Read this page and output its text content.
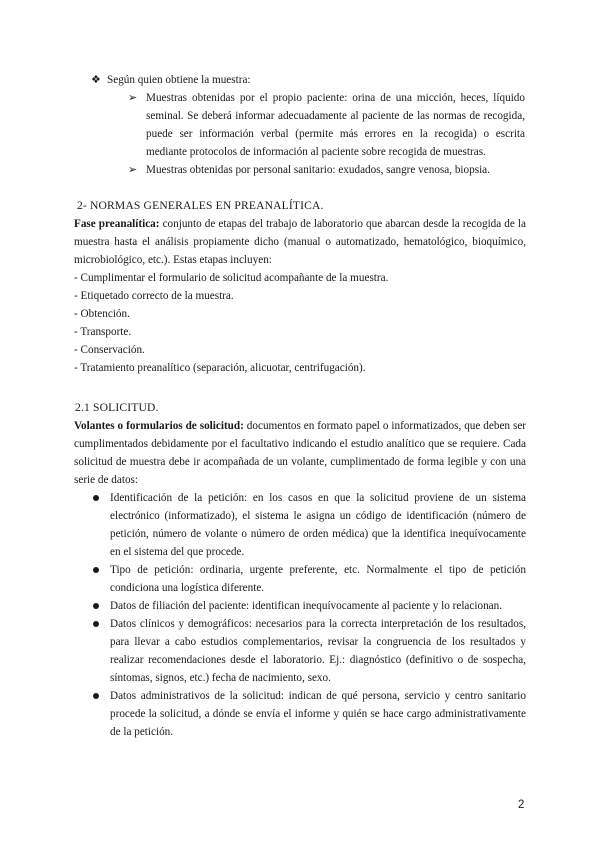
❖ Según quien obtiene la muestra:
➢ Muestras obtenidas por el propio paciente: orina de una micción, heces, líquido seminal. Se deberá informar adecuadamente al paciente de las normas de recogida, puede ser información verbal (permite más errores en la recogida) o escrita mediante protocolos de información al paciente sobre recogida de muestras.
➢ Muestras obtenidas por personal sanitario: exudados, sangre venosa, biopsia.
2- NORMAS GENERALES EN PREANALÍTICA.
Fase preanalítica: conjunto de etapas del trabajo de laboratorio que abarcan desde la recogida de la muestra hasta el análisis propiamente dicho (manual o automatizado, hematológico, bioquímico, microbiológico, etc.). Estas etapas incluyen:
- Cumplimentar el formulario de solicitud acompañante de la muestra.
- Etiquetado correcto de la muestra.
- Obtención.
- Transporte.
- Conservación.
- Tratamiento preanalítico (separación, alicuotar, centrifugación).
2.1 SOLICITUD.
Volantes o formularios de solicitud: documentos en formato papel o informatizados, que deben ser cumplimentados debidamente por el facultativo indicando el estudio analítico que se requiere. Cada solicitud de muestra debe ir acompañada de un volante, cumplimentado de forma legible y con una serie de datos:
Identificación de la petición: en los casos en que la solicitud proviene de un sistema electrónico (informatizado), el sistema le asigna un código de identificación (número de petición, número de volante o número de orden médica) que la identifica inequívocamente en el sistema del que procede.
Tipo de petición: ordinaria, urgente preferente, etc. Normalmente el tipo de petición condiciona una logística diferente.
Datos de filiación del paciente: identifican inequívocamente al paciente y lo relacionan.
Datos clínicos y demográficos: necesarios para la correcta interpretación de los resultados, para llevar a cabo estudios complementarios, revisar la congruencia de los resultados y realizar recomendaciones desde el laboratorio. Ej.: diagnóstico (definitivo o de sospecha, síntomas, signos, etc.) fecha de nacimiento, sexo.
Datos administrativos de la solicitud: indican de qué persona, servicio y centro sanitario procede la solicitud, a dónde se envía el informe y quién se hace cargo administrativamente de la petición.
2
